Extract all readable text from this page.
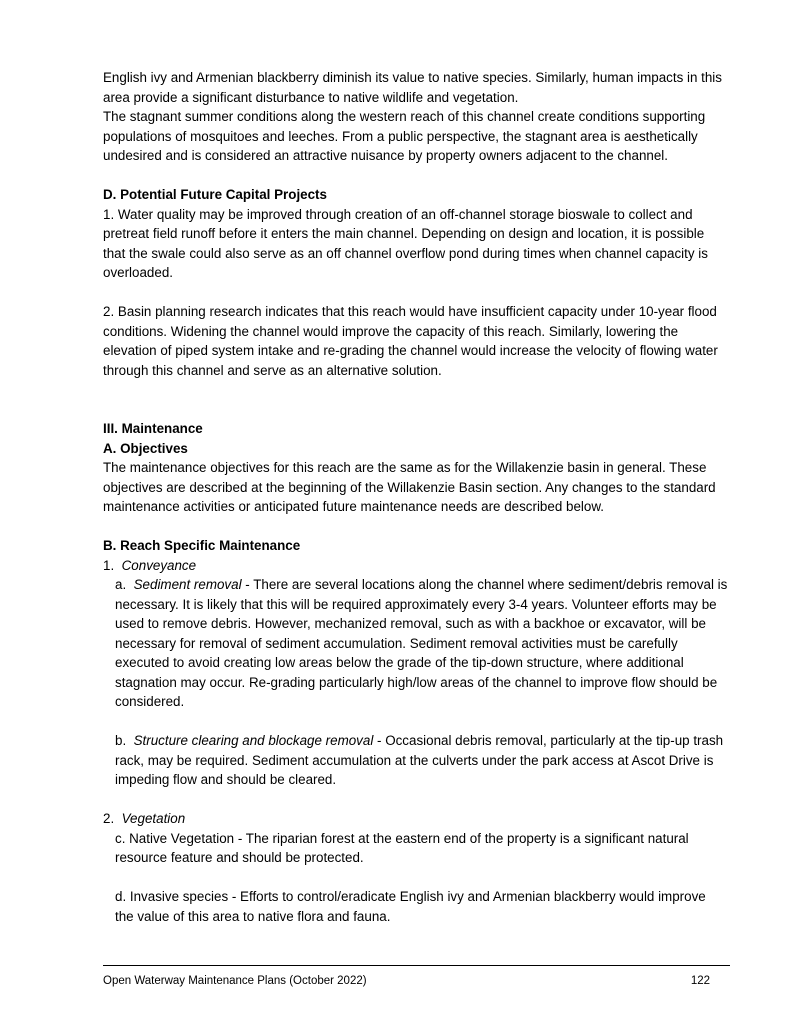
English ivy and Armenian blackberry diminish its value to native species. Similarly, human impacts in this area provide a significant disturbance to native wildlife and vegetation.

The stagnant summer conditions along the western reach of this channel create conditions supporting populations of mosquitoes and leeches. From a public perspective, the stagnant area is aesthetically undesired and is considered an attractive nuisance by property owners adjacent to the channel.

D. Potential Future Capital Projects

1. Water quality may be improved through creation of an off-channel storage bioswale to collect and pretreat field runoff before it enters the main channel. Depending on design and location, it is possible that the swale could also serve as an off channel overflow pond during times when channel capacity is overloaded.

2. Basin planning research indicates that this reach would have insufficient capacity under 10-year flood conditions. Widening the channel would improve the capacity of this reach. Similarly, lowering the elevation of piped system intake and re-grading the channel would increase the velocity of flowing water through this channel and serve as an alternative solution.

III. Maintenance

A. Objectives

The maintenance objectives for this reach are the same as for the Willakenzie basin in general. These objectives are described at the beginning of the Willakenzie Basin section. Any changes to the standard maintenance activities or anticipated future maintenance needs are described below.

B. Reach Specific Maintenance

1. Conveyance

a. Sediment removal - There are several locations along the channel where sediment/debris removal is necessary. It is likely that this will be required approximately every 3-4 years. Volunteer efforts may be used to remove debris. However, mechanized removal, such as with a backhoe or excavator, will be necessary for removal of sediment accumulation. Sediment removal activities must be carefully executed to avoid creating low areas below the grade of the tip-down structure, where additional stagnation may occur. Re-grading particularly high/low areas of the channel to improve flow should be considered.

b. Structure clearing and blockage removal - Occasional debris removal, particularly at the tip-up trash rack, may be required. Sediment accumulation at the culverts under the park access at Ascot Drive is impeding flow and should be cleared.

2. Vegetation

c. Native Vegetation - The riparian forest at the eastern end of the property is a significant natural resource feature and should be protected.

d. Invasive species - Efforts to control/eradicate English ivy and Armenian blackberry would improve the value of this area to native flora and fauna.

Open Waterway Maintenance Plans (October 2022)	122
